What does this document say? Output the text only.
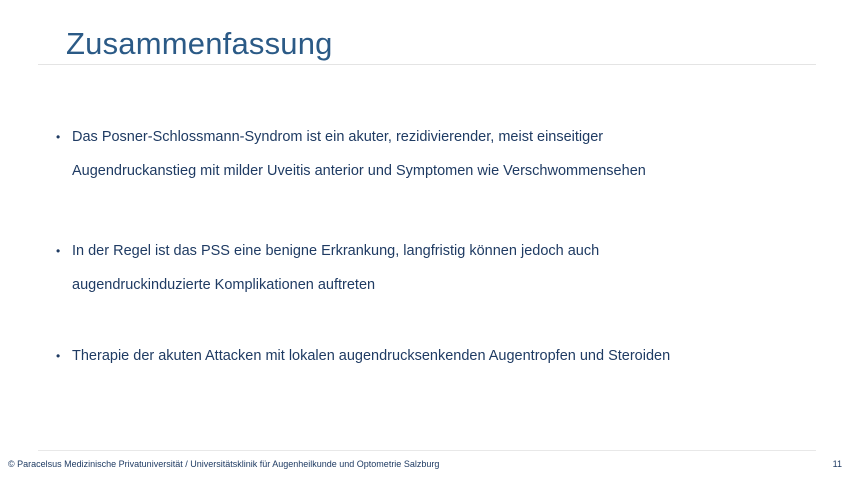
Zusammenfassung
• Das Posner-Schlossmann-Syndrom ist ein akuter, rezidivierender, meist einseitiger
Augendruckanstieg mit milder Uveitis anterior und Symptomen wie Verschwommensehen
• In der Regel ist das PSS eine benigne Erkrankung, langfristig können jedoch auch
augendruckinduzierte Komplikationen auftreten
• Therapie der akuten Attacken mit lokalen augendrucksenkenden Augentropfen und Steroiden
© Paracelsus Medizinische Privatuniversität / Universitätsklinik für Augenheilkunde und Optometrie Salzburg	11
